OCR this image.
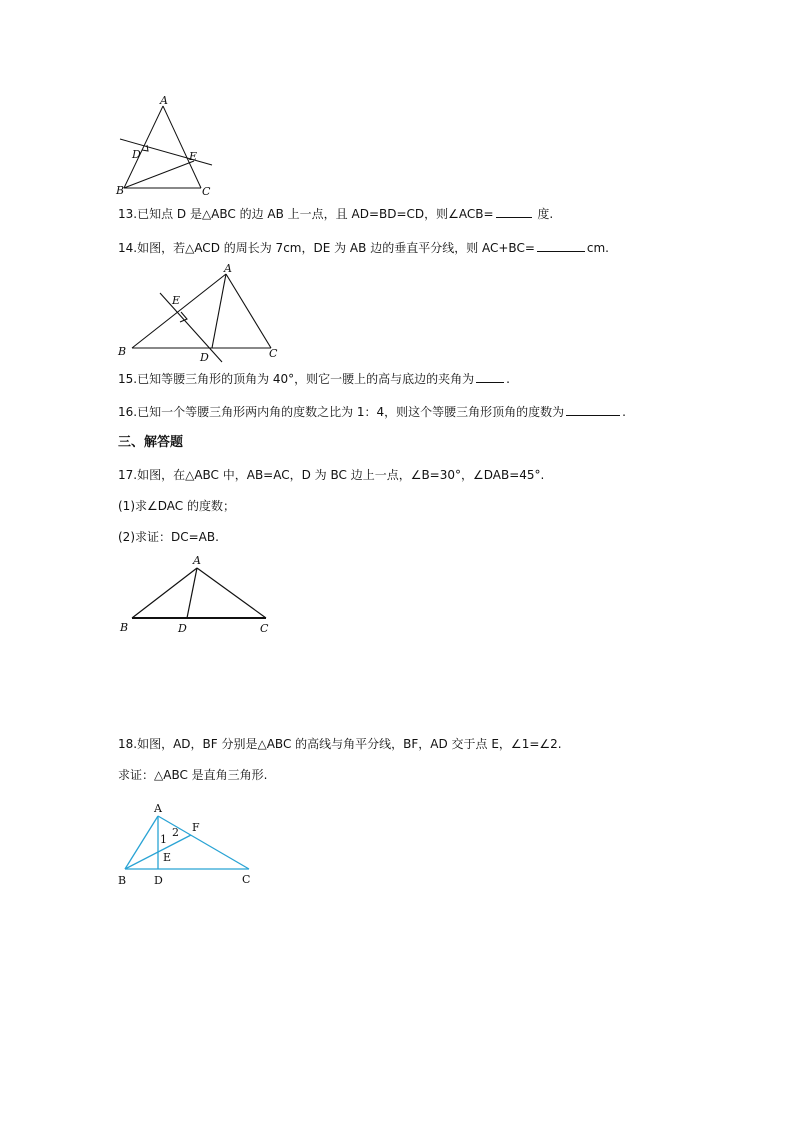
A
B	C
D	E
13.已知点 D 是△ABC 的边 AB 上一点，且 AD=BD=CD，则∠ACB=	度.
14.如图，若△ACD 的周长为 7cm，DE 为 AB 边的垂直平分线，则 AC+BC=	cm.
A
B	C
D
E
15.已知等腰三角形的顶角为 40°，则它一腰上的高与底边的夹角为	.
16.已知一个等腰三角形两内角的度数之比为 1：4，则这个等腰三角形顶角的度数为	.
三、解答题
17.如图，在△ABC 中，AB=AC，D 为 BC 边上一点，∠B=30°，∠DAB=45°.
(1)求∠DAC 的度数；
(2)求证：DC=AB.
A
B	C
D
18.如图，AD，BF 分别是△ABC 的高线与角平分线，BF，AD 交于点 E，∠1=∠2.
求证：△ABC 是直角三角形.
A
B	C
D
E
F
1
2
